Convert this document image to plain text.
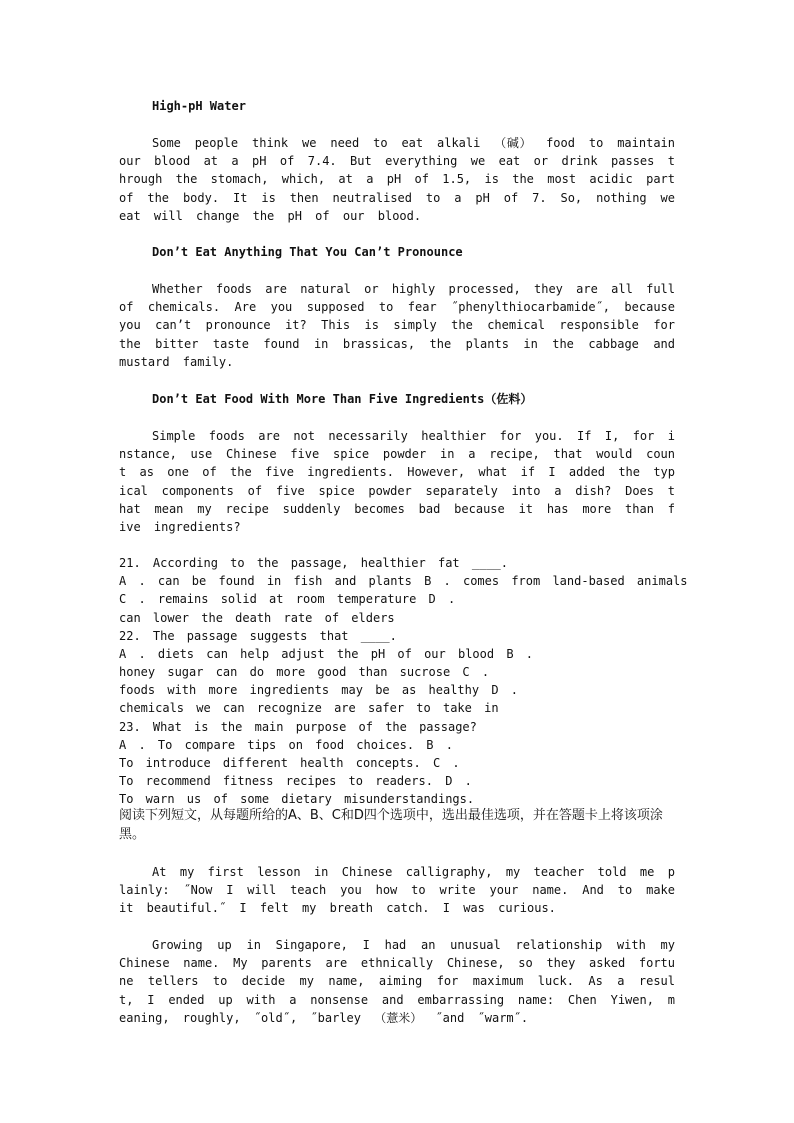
High-pH Water
Some people think we need to eat alkali （碱） food to maintain our blood at a pH of 7.4. But everything we eat or drink passes through the stomach, which, at a pH of 1.5, is the most acidic part of the body. It is then neutralised to a pH of 7. So, nothing we eat will change the pH of our blood.
Don’t Eat Anything That You Can’t Pronounce
Whether foods are natural or highly processed, they are all full of chemicals. Are you supposed to fear ˝phenylthiocarbamide˝, because you can’t pronounce it? This is simply the chemical responsible for the bitter taste found in brassicas, the plants in the cabbage and mustard family.
Don’t Eat Food With More Than Five Ingredients（佐料）
Simple foods are not necessarily healthier for you. If I, for instance, use Chinese five spice powder in a recipe, that would count as one of the five ingredients. However, what if I added the typical components of five spice powder separately into a dish? Does that mean my recipe suddenly becomes bad because it has more than five ingredients?
21. According to the passage, healthier fat ____.
A . can be found in fish and plants B . comes from land-based animals
C . remains solid at room temperature D .
can lower the death rate of elders
22. The passage suggests that ____.
A . diets can help adjust the pH of our blood B .
honey sugar can do more good than sucrose C .
foods with more ingredients may be as healthy D .
chemicals we can recognize are safer to take in
23. What is the main purpose of the passage?
A . To compare tips on food choices. B .
To introduce different health concepts. C .
To recommend fitness recipes to readers. D .
To warn us of some dietary misunderstandings.
阅读下列短文，从每题所给的A、B、C和D四个选项中，选出最佳选项，并在答题卡上将该项涂黑。
At my first lesson in Chinese calligraphy, my teacher told me plainly: ˝Now I will teach you how to write your name. And to make it beautiful.˝ I felt my breath catch. I was curious.
Growing up in Singapore, I had an unusual relationship with my Chinese name. My parents are ethnically Chinese, so they asked fortune tellers to decide my name, aiming for maximum luck. As a result, I ended up with a nonsense and embarrassing name: Chen Yiwen, meaning, roughly, ˝old˝, ˝barley （薏米） ˝and ˝warm˝.
